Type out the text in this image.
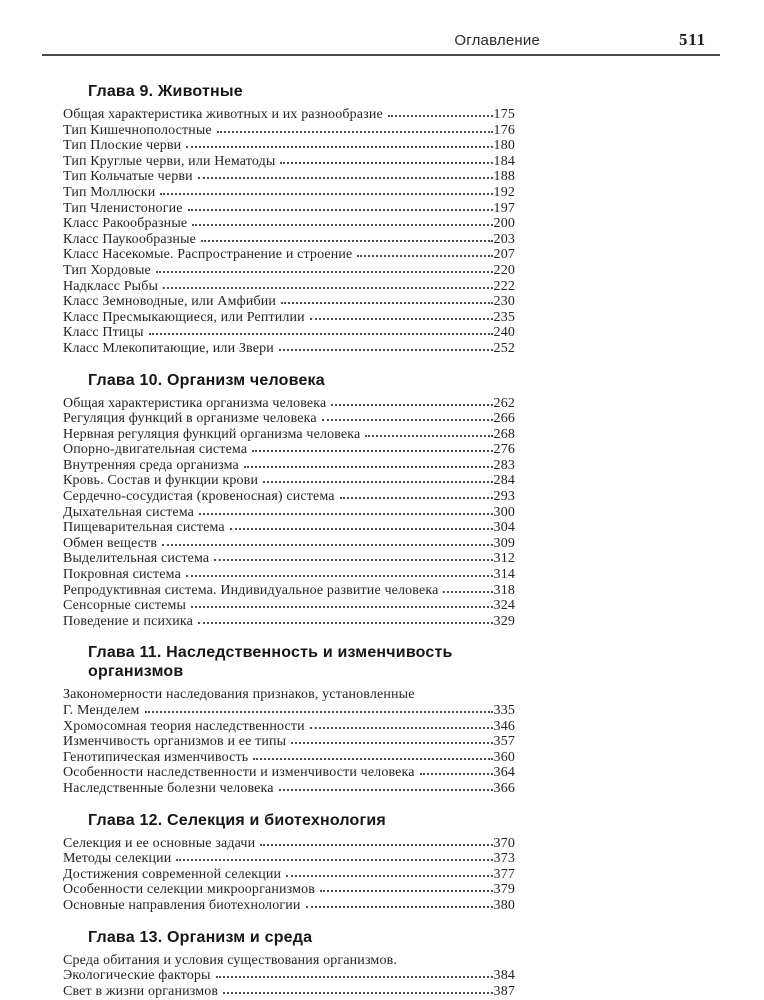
Оглавление	511
Глава 9. Животные
Общая характеристика животных и их разнообразие	175
Тип Кишечнополостные	176
Тип Плоские черви	180
Тип Круглые черви, или Нематоды	184
Тип Кольчатые черви	188
Тип Моллюски	192
Тип Членистоногие	197
Класс Ракообразные	200
Класс Паукообразные	203
Класс Насекомые. Распространение и строение	207
Тип Хордовые	220
Надкласс Рыбы	222
Класс Земноводные, или Амфибии	230
Класс Пресмыкающиеся, или Рептилии	235
Класс Птицы	240
Класс Млекопитающие, или Звери	252
Глава 10. Организм человека
Общая характеристика организма человека	262
Регуляция функций в организме человека	266
Нервная регуляция функций организма человека	268
Опорно-двигательная система	276
Внутренняя среда организма	283
Кровь. Состав и функции крови	284
Сердечно-сосудистая (кровеносная) система	293
Дыхательная система	300
Пищеварительная система	304
Обмен веществ	309
Выделительная система	312
Покровная система	314
Репродуктивная система. Индивидуальное развитие человека	318
Сенсорные системы	324
Поведение и психика	329
Глава 11. Наследственность и изменчивость
организмов
Закономерности наследования признаков, установленные
Г. Менделем	335
Хромосомная теория наследственности	346
Изменчивость организмов и ее типы	357
Генотипическая изменчивость	360
Особенности наследственности и изменчивости человека	364
Наследственные болезни человека	366
Глава 12. Селекция и биотехнология
Селекция и ее основные задачи	370
Методы селекции	373
Достижения современной селекции	377
Особенности селекции микроорганизмов	379
Основные направления биотехнологии	380
Глава 13. Организм и среда
Среда обитания и условия существования организмов.
Экологические факторы	384
Свет в жизни организмов	387
